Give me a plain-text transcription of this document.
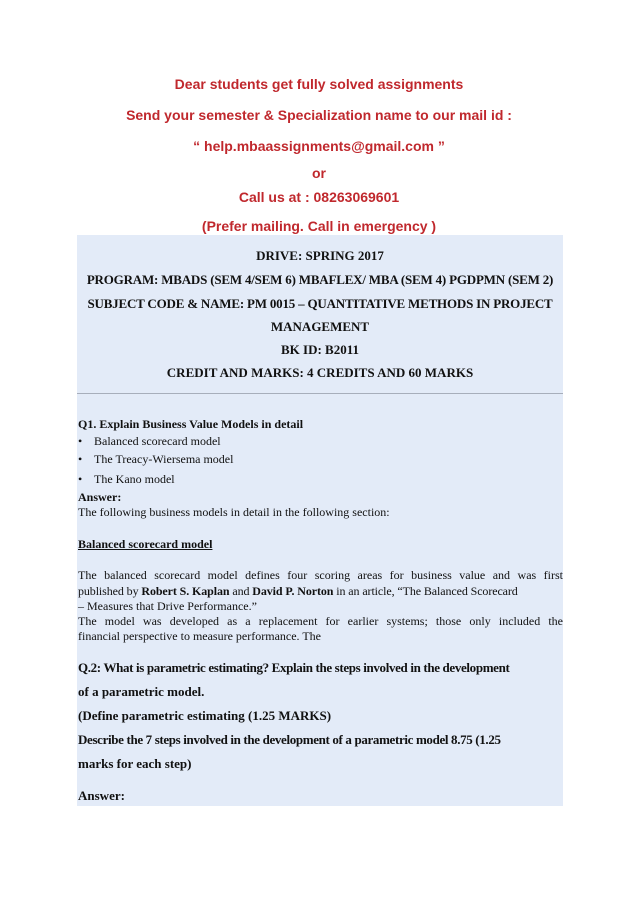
Dear students get fully solved assignments
Send your semester & Specialization name to our mail id :
“ help.mbaassignments@gmail.com ”
or
Call us at : 08263069601
(Prefer mailing. Call in emergency )
DRIVE: SPRING 2017
PROGRAM: MBADS (SEM 4/SEM 6) MBAFLEX/ MBA (SEM 4) PGDPMN (SEM 2)
SUBJECT CODE & NAME: PM 0015 – QUANTITATIVE METHODS IN PROJECT
MANAGEMENT
BK ID: B2011
CREDIT AND MARKS: 4 CREDITS AND 60 MARKS
Q1. Explain Business Value Models in detail
• Balanced scorecard model
• The Treacy-Wiersema model
• The Kano model
Answer:
The following business models in detail in the following section:
Balanced scorecard model
The balanced scorecard model defines four scoring areas for business value and was first
published by Robert S. Kaplan and David P. Norton in an article, “The Balanced Scorecard
– Measures that Drive Performance.”
The model was developed as a replacement for earlier systems; those only included the
financial perspective to measure performance. The
Q.2: What is parametric estimating? Explain the steps involved in the development
of a parametric model.
(Define parametric estimating (1.25 MARKS)
Describe the 7 steps involved in the development of a parametric model 8.75 (1.25
marks for each step)
Answer:
